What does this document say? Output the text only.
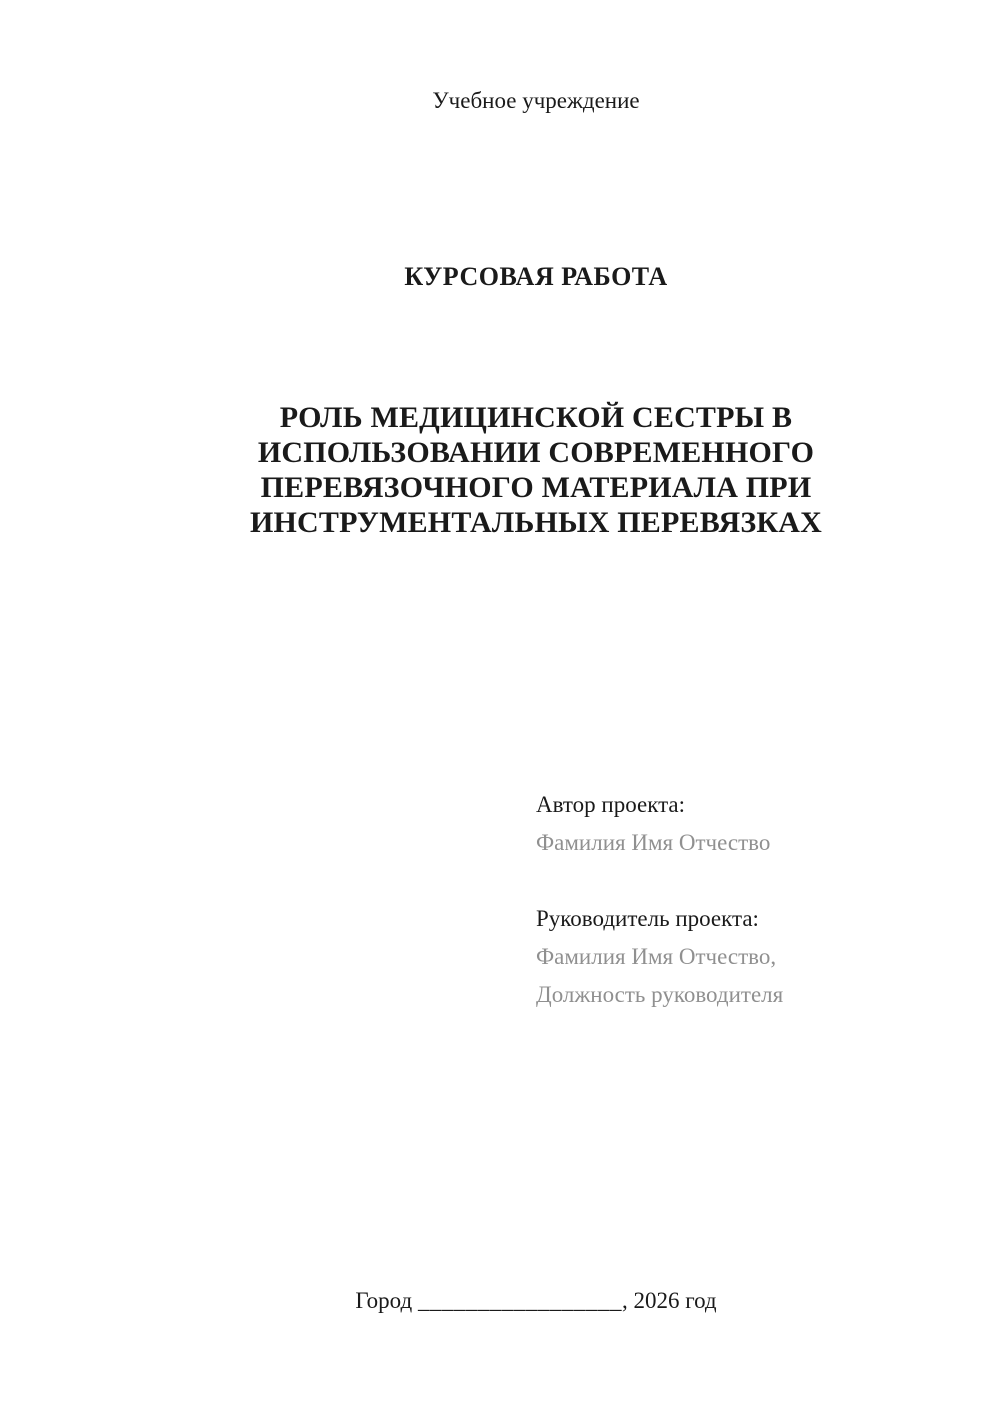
Учебное учреждение
КУРСОВАЯ РАБОТА
РОЛЬ МЕДИЦИНСКОЙ СЕСТРЫ В
ИСПОЛЬЗОВАНИИ СОВРЕМЕННОГО
ПЕРЕВЯЗОЧНОГО МАТЕРИАЛА ПРИ
ИНСТРУМЕНТАЛЬНЫХ ПЕРЕВЯЗКАХ
Автор проекта:
Фамилия Имя Отчество
Руководитель проекта:
Фамилия Имя Отчество,
Должность руководителя
Город _________________, 2026 год
